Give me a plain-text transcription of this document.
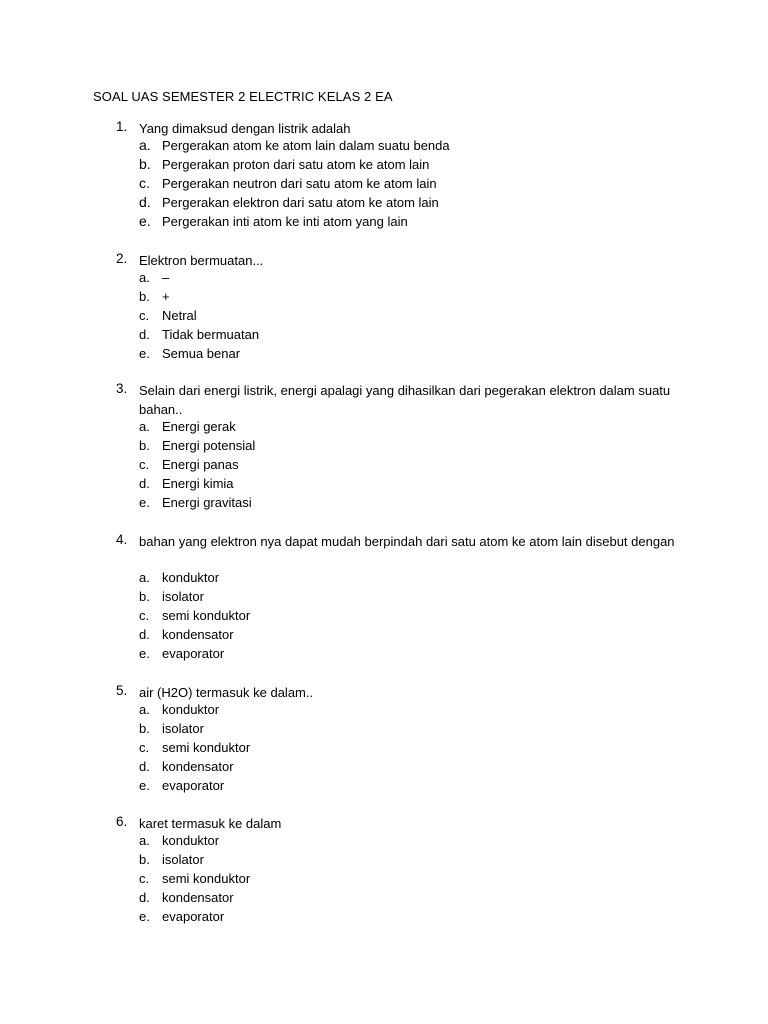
SOAL UAS SEMESTER 2 ELECTRIC KELAS 2 EA
1. Yang dimaksud dengan listrik adalah
a. Pergerakan atom ke atom lain dalam suatu benda
b. Pergerakan proton dari satu atom ke atom lain
c. Pergerakan neutron dari satu atom ke atom lain
d. Pergerakan elektron dari satu atom ke atom lain
e. Pergerakan inti atom ke inti atom yang lain
2. Elektron bermuatan...
a. –
b. +
c. Netral
d. Tidak bermuatan
e. Semua benar
3. Selain dari energi listrik, energi apalagi yang dihasilkan dari pegerakan elektron dalam suatu bahan..
a. Energi gerak
b. Energi potensial
c. Energi panas
d. Energi kimia
e. Energi gravitasi
4. bahan yang elektron nya dapat mudah berpindah dari satu atom ke atom lain disebut dengan
a. konduktor
b. isolator
c. semi konduktor
d. kondensator
e. evaporator
5. air (H2O) termasuk ke dalam..
a. konduktor
b. isolator
c. semi konduktor
d. kondensator
e. evaporator
6. karet termasuk ke dalam
a. konduktor
b. isolator
c. semi konduktor
d. kondensator
e. evaporator
